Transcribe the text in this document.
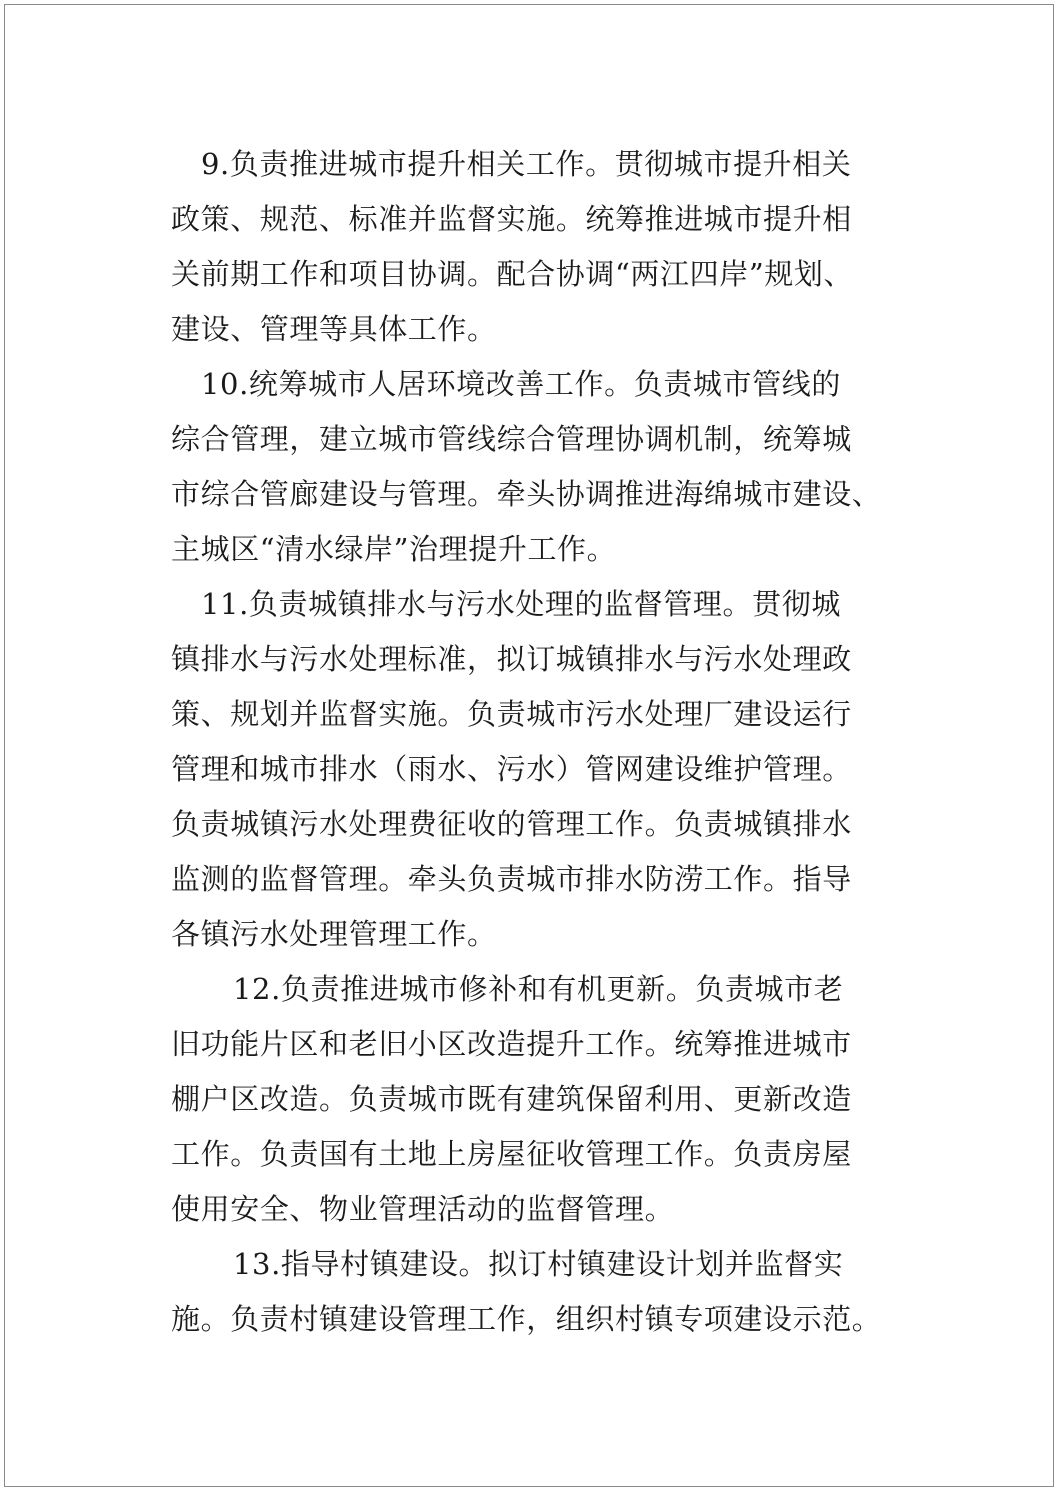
9.负责推进城市提升相关工作。贯彻城市提升相关
政策、规范、标准并监督实施。统筹推进城市提升相
关前期工作和项目协调。配合协调“两江四岸”规划、
建设、管理等具体工作。
10.统筹城市人居环境改善工作。负责城市管线的
综合管理，建立城市管线综合管理协调机制，统筹城
市综合管廊建设与管理。牵头协调推进海绵城市建设、
主城区“清水绿岸”治理提升工作。
11.负责城镇排水与污水处理的监督管理。贯彻城
镇排水与污水处理标准，拟订城镇排水与污水处理政
策、规划并监督实施。负责城市污水处理厂建设运行
管理和城市排水（雨水、污水）管网建设维护管理。
负责城镇污水处理费征收的管理工作。负责城镇排水
监测的监督管理。牵头负责城市排水防涝工作。指导
各镇污水处理管理工作。
12.负责推进城市修补和有机更新。负责城市老
旧功能片区和老旧小区改造提升工作。统筹推进城市
棚户区改造。负责城市既有建筑保留利用、更新改造
工作。负责国有土地上房屋征收管理工作。负责房屋
使用安全、物业管理活动的监督管理。
13.指导村镇建设。拟订村镇建设计划并监督实
施。负责村镇建设管理工作，组织村镇专项建设示范。
